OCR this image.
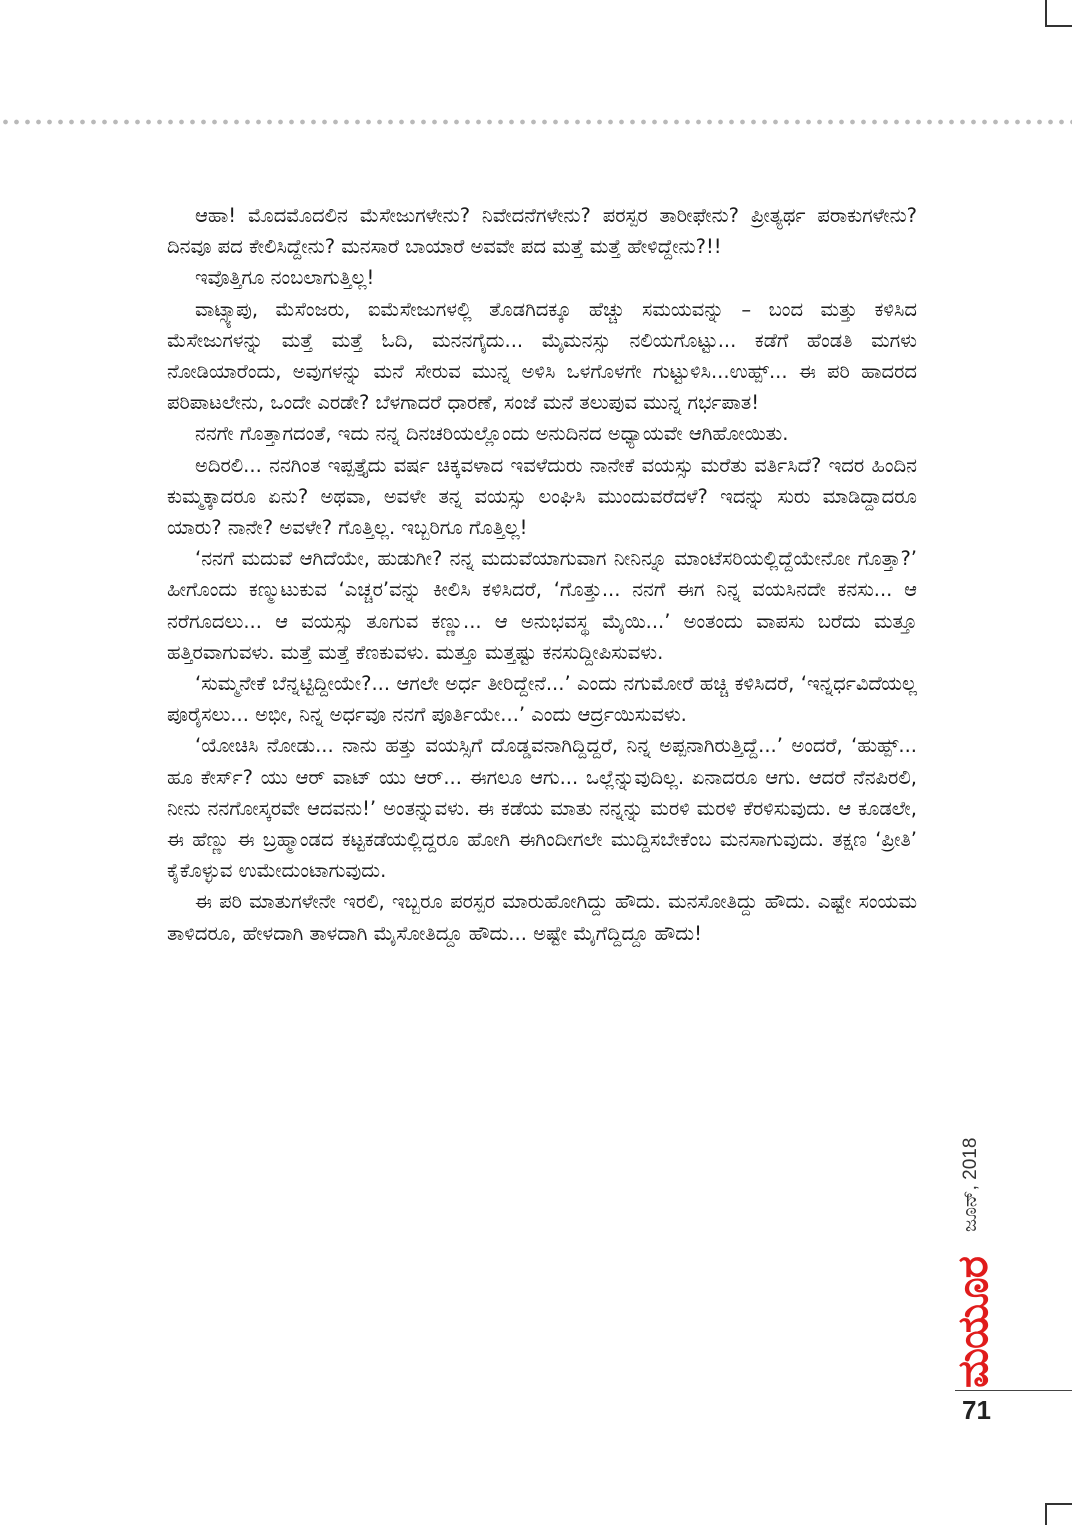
ಆಹಾ! ಮೊದಮೊದಲಿನ ಮೆಸೇಜುಗಳೇನು? ನಿವೇದನೆಗಳೇನು? ಪರಸ್ಪರ ತಾರೀಫೇನು? ಪ್ರೀತ್ಯರ್ಥ ಪರಾಕುಗಳೇನು? ದಿನವೂ ಪದ ಕೇಲಿಸಿದ್ದೇನು? ಮನಸಾರೆ ಬಾಯಾರೆ ಅವವೇ ಪದ ಮತ್ತೆ ಮತ್ತೆ ಹೇಳಿದ್ದೇನು?!!

ಇವೊತ್ತಿಗೂ ನಂಬಲಾಗುತ್ತಿಲ್ಲ!

ವಾಟ್ಸ್ಯಾಪು, ಮೆಸೆಂಜರು, ಐಮೆಸೇಜುಗಳಲ್ಲಿ ತೊಡಗಿದಕ್ಕೂ ಹೆಚ್ಚು ಸಮಯವನ್ನು – ಬಂದ ಮತ್ತು ಕಳಿಸಿದ ಮೆಸೇಜುಗಳನ್ನು ಮತ್ತೆ ಮತ್ತೆ ಓದಿ, ಮನನಗೈದು... ಮೈಮನಸ್ಸು ನಲಿಯಗೊಟ್ಟು... ಕಡೆಗೆ ಹೆಂಡತಿ ಮಗಳು ನೋಡಿಯಾರೆಂದು, ಅವುಗಳನ್ನು ಮನೆ ಸೇರುವ ಮುನ್ನ ಅಳಿಸಿ ಒಳಗೊಳಗೇ ಗುಟ್ಟುಳಿಸಿ...ಉಹ್ಪ್... ಈ ಪರಿ ಹಾದರದ ಪರಿಪಾಟಲೇನು, ಒಂದೇ ಎರಡೇ? ಬೆಳಗಾದರೆ ಧಾರಣೆ, ಸಂಜೆ ಮನೆ ತಲುಪುವ ಮುನ್ನ ಗರ್ಭಪಾತ!

ನನಗೇ ಗೊತ್ತಾಗದಂತೆ, ಇದು ನನ್ನ ದಿನಚರಿಯಲ್ಲೊಂದು ಅನುದಿನದ ಅಧ್ಯಾಯವೇ ಆಗಿಹೋಯಿತು.

ಅದಿರಲಿ... ನನಗಿಂತ ಇಪ್ಪತ್ತೈದು ವರ್ಷ ಚಿಕ್ಕವಳಾದ ಇವಳೆದುರು ನಾನೇಕೆ ವಯಸ್ಸು ಮರೆತು ವರ್ತಿಸಿದೆ? ಇದರ ಹಿಂದಿನ ಕುಮ್ಮಕ್ಕಾದರೂ ಏನು? ಅಥವಾ, ಅವಳೇ ತನ್ನ ವಯಸ್ಸು ಲಂಘಿಸಿ ಮುಂದುವರೆದಳೆ? ಇದನ್ನು ಸುರು ಮಾಡಿದ್ದಾದರೂ ಯಾರು? ನಾನೇ? ಅವಳೇ? ಗೊತ್ತಿಲ್ಲ. ಇಬ್ಬರಿಗೂ ಗೊತ್ತಿಲ್ಲ!

‘ನನಗೆ ಮದುವೆ ಆಗಿದೆಯೇ, ಹುಡುಗೀ? ನನ್ನ ಮದುವೆಯಾಗುವಾಗ ನೀನಿನ್ನೂ ಮಾಂಟೆಸರಿಯಲ್ಲಿದ್ದೆಯೇನೋ ಗೊತ್ತಾ?’ ಹೀಗೊಂದು ಕಣ್ಮುಟುಕುವ ‘ಎಚ್ಚರ’ವನ್ನು ಕೀಲಿಸಿ ಕಳಿಸಿದರೆ, ‘ಗೊತ್ತು... ನನಗೆ ಈಗ ನಿನ್ನ ವಯಸಿನದೇ ಕನಸು... ಆ ನರೆಗೂದಲು... ಆ ವಯಸ್ಸು ತೂಗುವ ಕಣ್ಣು... ಆ ಅನುಭವಸ್ಥ ಮೈಯಿ...’ ಅಂತಂದು ವಾಪಸು ಬರೆದು ಮತ್ತೂ ಹತ್ತಿರವಾಗುವಳು. ಮತ್ತೆ ಮತ್ತೆ ಕೆಣಕುವಳು. ಮತ್ತೂ ಮತ್ತಷ್ಟು ಕನಸುದ್ದೀಪಿಸುವಳು.

‘ಸುಮ್ಮನೇಕೆ ಬೆನ್ನಟ್ಟಿದ್ದೀಯೇ?... ಆಗಲೇ ಅರ್ಧ ತೀರಿದ್ದೇನೆ...’ ಎಂದು ನಗುಮೋರೆ ಹಚ್ಚಿ ಕಳಿಸಿದರೆ, ‘ಇನ್ನರ್ಧವಿದೆಯಲ್ಲ ಪೂರೈಸಲು... ಅಭೀ, ನಿನ್ನ ಅರ್ಧವೂ ನನಗೆ ಪೂರ್ತಿಯೇ...’ ಎಂದು ಆರ್ದ್ರಯಿಸುವಳು.

‘ಯೋಚಿಸಿ ನೋಡು... ನಾನು ಹತ್ತು ವಯಸ್ಸಿಗೆ ದೊಡ್ಡವನಾಗಿದ್ದಿದ್ದರೆ, ನಿನ್ನ ಅಪ್ಪನಾಗಿರುತ್ತಿದ್ದೆ...’ ಅಂದರೆ, ‘ಹುಹ್ಪ್... ಹೂ ಕೇರ್ಸ್? ಯು ಆರ್ ವಾಟ್ ಯು ಆರ್... ಈಗಲೂ ಆಗು... ಒಲ್ಲೆನ್ನುವುದಿಲ್ಲ. ಏನಾದರೂ ಆಗು. ಆದರೆ ನೆನಪಿರಲಿ, ನೀನು ನನಗೋಸ್ಕರವೇ ಆದವನು!’ ಅಂತನ್ನುವಳು. ಈ ಕಡೆಯ ಮಾತು ನನ್ನನ್ನು ಮರಳಿ ಮರಳಿ ಕೆರಳಿಸುವುದು. ಆ ಕೂಡಲೇ, ಈ ಹೆಣ್ಣು ಈ ಬ್ರಹ್ಮಾಂಡದ ಕಟ್ಟಕಡೆಯಲ್ಲಿದ್ದರೂ ಹೋಗಿ ಈಗಿಂದೀಗಲೇ ಮುದ್ದಿಸಬೇಕೆಂಬ ಮನಸಾಗುವುದು. ತಕ್ಷಣ ‘ಪ್ರೀತಿ’ ಕೈಕೊಳ್ಳುವ ಉಮೇದುಂಟಾಗುವುದು.

ಈ ಪರಿ ಮಾತುಗಳೇನೇ ಇರಲಿ, ಇಬ್ಬರೂ ಪರಸ್ಪರ ಮಾರುಹೋಗಿದ್ದು ಹೌದು. ಮನಸೋತಿದ್ದು ಹೌದು. ಎಷ್ಟೇ ಸಂಯಮ ತಾಳಿದರೂ, ಹೇಳದಾಗಿ ತಾಳದಾಗಿ ಮೈಸೋತಿದ್ದೂ ಹೌದು... ಅಷ್ಟೇ ಮೈಗೆದ್ದಿದ್ದೂ ಹೌದು!

ಜೂನ್, 2018
ಮಯೂರ
71
